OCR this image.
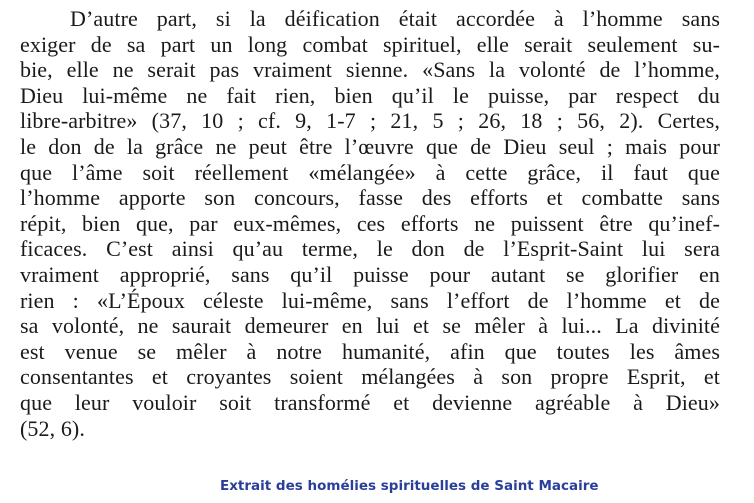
D’autre part, si la déification était accordée à l’homme sans
exiger de sa part un long combat spirituel, elle serait seulement su-
bie, elle ne serait pas vraiment sienne. «Sans la volonté de l’homme,
Dieu lui-même ne fait rien, bien qu’il le puisse, par respect du
libre-arbitre» (37, 10 ; cf. 9, 1-7 ; 21, 5 ; 26, 18 ; 56, 2). Certes,
le don de la grâce ne peut être l’œuvre que de Dieu seul ; mais pour
que l’âme soit réellement «mélangée» à cette grâce, il faut que
l’homme apporte son concours, fasse des efforts et combatte sans
répit, bien que, par eux-mêmes, ces efforts ne puissent être qu’inef-
ficaces. C’est ainsi qu’au terme, le don de l’Esprit-Saint lui sera
vraiment approprié, sans qu’il puisse pour autant se glorifier en
rien : «L’Époux céleste lui-même, sans l’effort de l’homme et de
sa volonté, ne saurait demeurer en lui et se mêler à lui... La divinité
est venue se mêler à notre humanité, afin que toutes les âmes
consentantes et croyantes soient mélangées à son propre Esprit, et
que leur vouloir soit transformé et devienne agréable à Dieu»
(52, 6).
Extrait des homélies spirituelles de Saint Macaire
